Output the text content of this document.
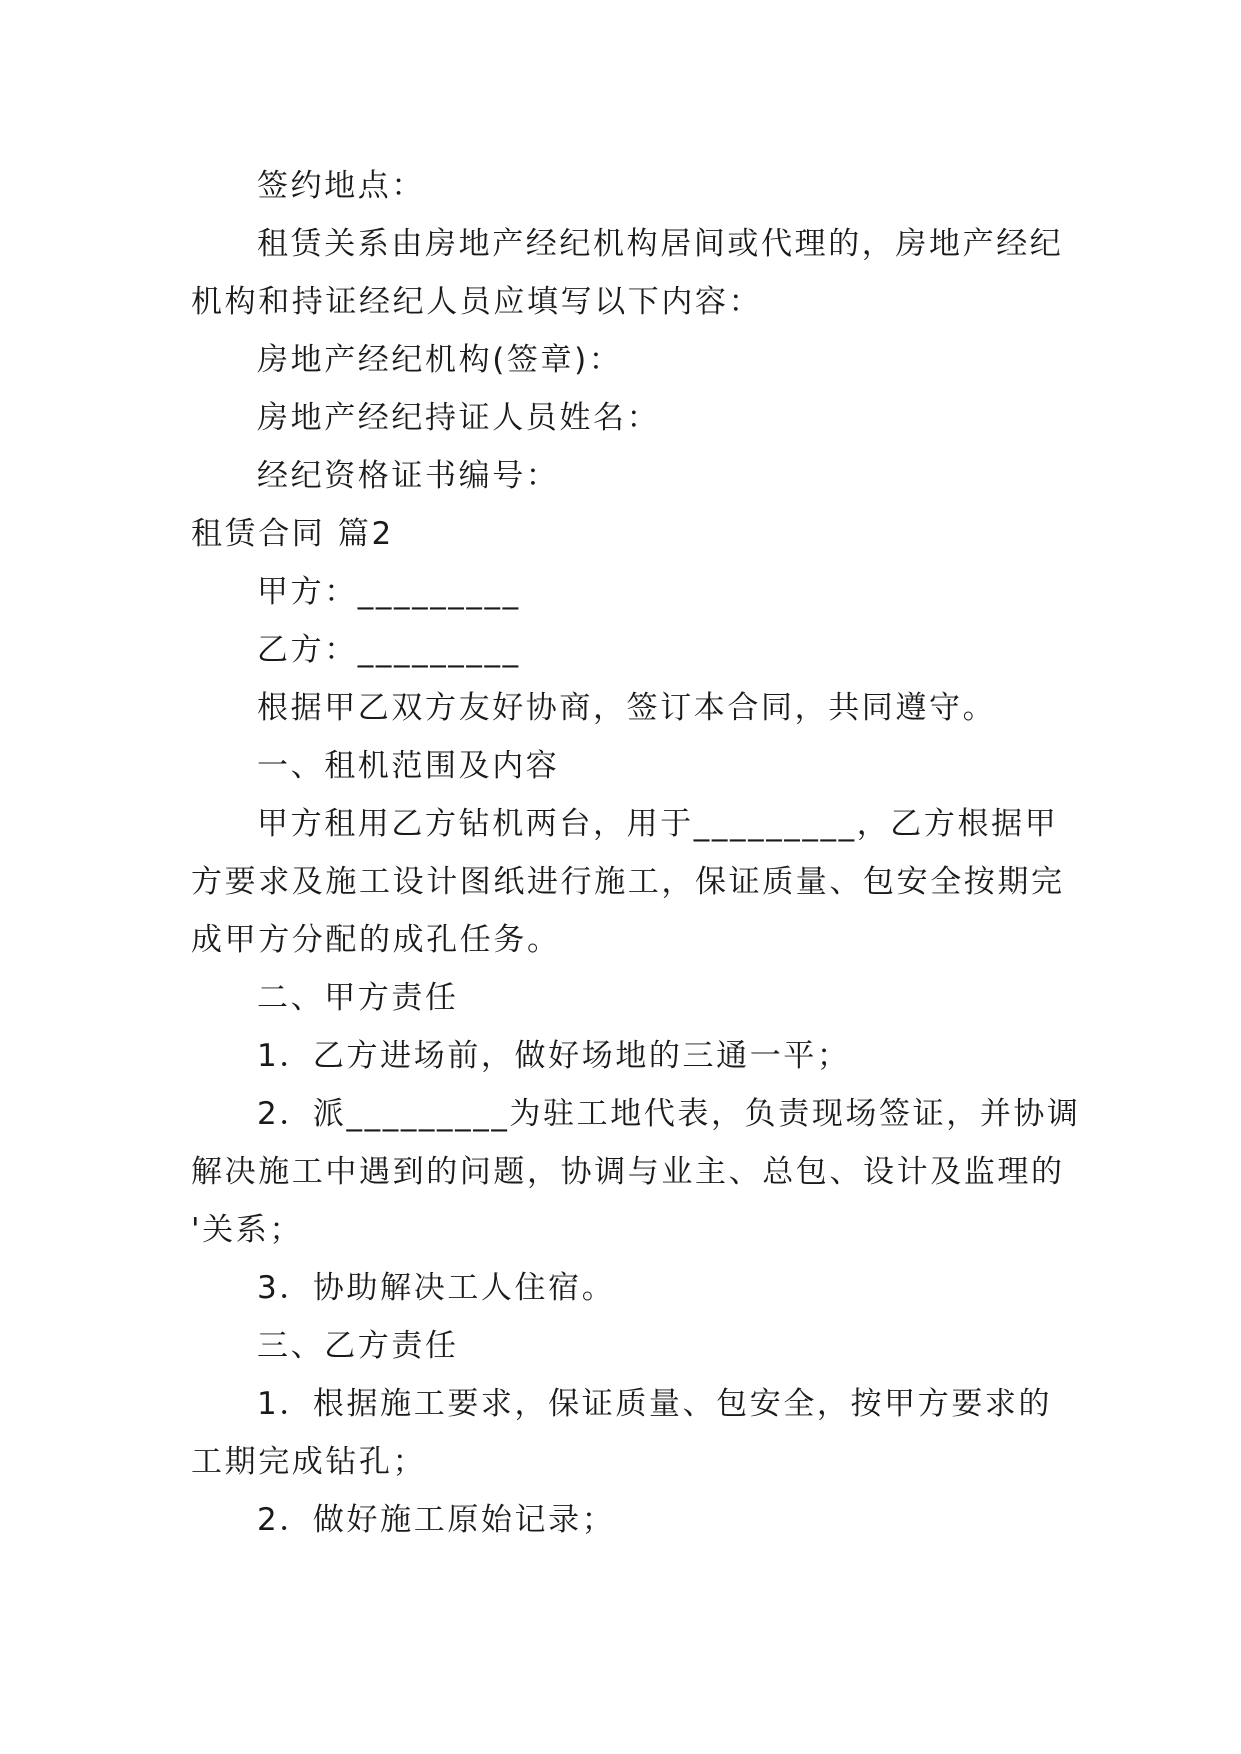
签约地点：
租赁关系由房地产经纪机构居间或代理的，房地产经纪
机构和持证经纪人员应填写以下内容：
房地产经纪机构(签章)：
房地产经纪持证人员姓名：
经纪资格证书编号：
租赁合同 篇2
甲方：_________
乙方：_________
根据甲乙双方友好协商，签订本合同，共同遵守。
一、租机范围及内容
甲方租用乙方钻机两台，用于_________，乙方根据甲
方要求及施工设计图纸进行施工，保证质量、包安全按期完
成甲方分配的成孔任务。
二、甲方责任
1．乙方进场前，做好场地的三通一平；
2．派_________为驻工地代表，负责现场签证，并协调
解决施工中遇到的问题，协调与业主、总包、设计及监理的
'关系；
3．协助解决工人住宿。
三、乙方责任
1．根据施工要求，保证质量、包安全，按甲方要求的
工期完成钻孔；
2．做好施工原始记录；
